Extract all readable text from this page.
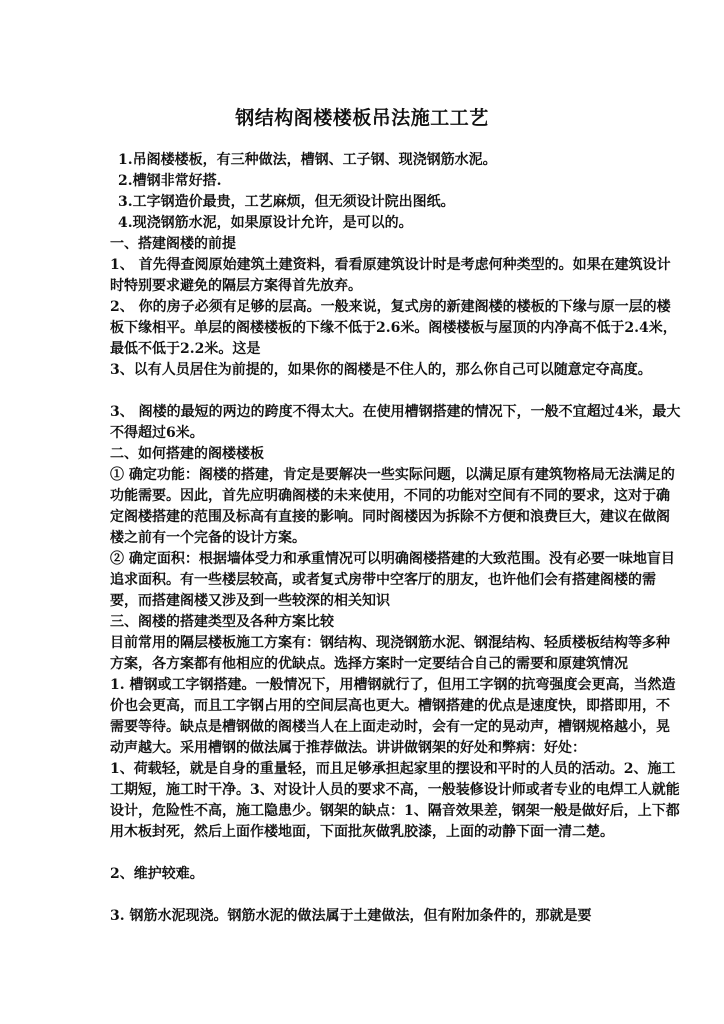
钢结构阁楼楼板吊法施工工艺

1.吊阁楼楼板，有三种做法，槽钢、工子钢、现浇钢筋水泥。

2.槽钢非常好搭.

3.工字钢造价最贵，工艺麻烦，但无须设计院出图纸。

4.现浇钢筋水泥，如果原设计允许，是可以的。

一、搭建阁楼的前提

1、 首先得查阅原始建筑土建资料，看看原建筑设计时是考虑何种类型的。如果在建筑设计时特别要求避免的隔层方案得首先放弃。

2、 你的房子必须有足够的层高。一般来说，复式房的新建阁楼的楼板的下缘与原一层的楼板下缘相平。单层的阁楼楼板的下缘不低于2.6米。阁楼楼板与屋顶的内净高不低于2.4米，最低不低于2.2米。这是

3、以有人员居住为前提的，如果你的阁楼是不住人的，那么你自己可以随意定夺高度。

3、 阁楼的最短的两边的跨度不得太大。在使用槽钢搭建的情况下，一般不宜超过4米，最大不得超过6米。

二、如何搭建的阁楼楼板

① 确定功能：阁楼的搭建，肯定是要解决一些实际问题，以满足原有建筑物格局无法满足的功能需要。因此，首先应明确阁楼的未来使用，不同的功能对空间有不同的要求，这对于确定阁楼搭建的范围及标高有直接的影响。同时阁楼因为拆除不方便和浪费巨大，建议在做阁楼之前有一个完备的设计方案。

② 确定面积：根据墙体受力和承重情况可以明确阁楼搭建的大致范围。没有必要一味地盲目追求面积。有一些楼层较高，或者复式房带中空客厅的朋友，也许他们会有搭建阁楼的需要，而搭建阁楼又涉及到一些较深的相关知识

三、阁楼的搭建类型及各种方案比较

目前常用的隔层楼板施工方案有：钢结构、现浇钢筋水泥、钢混结构、轻质楼板结构等多种方案，各方案都有他相应的优缺点。选择方案时一定要结合自己的需要和原建筑情况

1. 槽钢或工字钢搭建。一般情况下，用槽钢就行了，但用工字钢的抗弯强度会更高，当然造价也会更高，而且工字钢占用的空间层高也更大。槽钢搭建的优点是速度快，即搭即用，不需要等待。缺点是槽钢做的阁楼当人在上面走动时，会有一定的晃动声，槽钢规格越小，晃动声越大。采用槽钢的做法属于推荐做法。讲讲做钢架的好处和弊病：好处：

1、荷载轻，就是自身的重量轻，而且足够承担起家里的摆设和平时的人员的活动。2、施工工期短，施工时干净。3、对设计人员的要求不高，一般装修设计师或者专业的电焊工人就能设计，危险性不高，施工隐患少。钢架的缺点：1、隔音效果差，钢架一般是做好后，上下都用木板封死，然后上面作楼地面，下面批灰做乳胶漆，上面的动静下面一清二楚。

2、维护较难。

3. 钢筋水泥现浇。钢筋水泥的做法属于土建做法，但有附加条件的，那就是要
